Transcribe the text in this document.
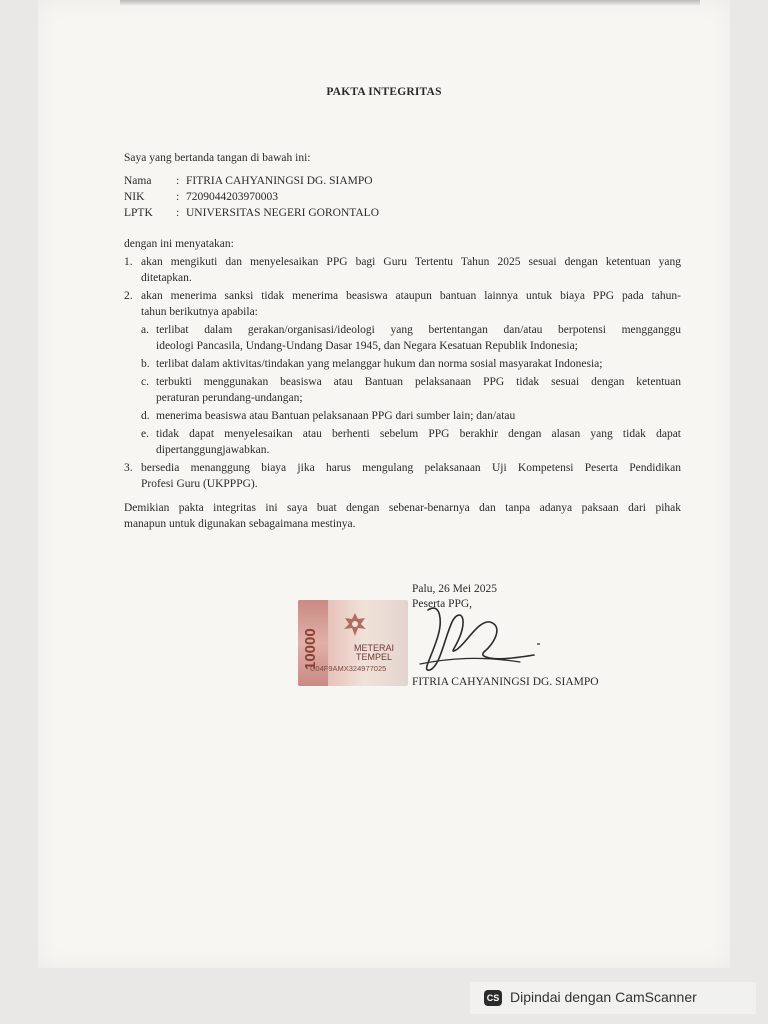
PAKTA INTEGRITAS
Saya yang bertanda tangan di bawah ini:
Nama : FITRIA CAHYANINGSI DG. SIAMPO
NIK	: 7209044203970003
LPTK : UNIVERSITAS NEGERI GORONTALO
dengan ini menyatakan:
1. akan mengikuti dan menyelesaikan PPG bagi Guru Tertentu Tahun 2025 sesuai dengan ketentuan yang
ditetapkan.
2. akan menerima sanksi tidak menerima beasiswa ataupun bantuan lainnya untuk biaya PPG pada tahun-
tahun berikutnya apabila:
a. terlibat dalam gerakan/organisasi/ideologi yang bertentangan dan/atau berpotensi mengganggu
ideologi Pancasila, Undang-Undang Dasar 1945, dan Negara Kesatuan Republik Indonesia;
b. terlibat dalam aktivitas/tindakan yang melanggar hukum dan norma sosial masyarakat Indonesia;
c. terbukti menggunakan beasiswa atau Bantuan pelaksanaan PPG tidak sesuai dengan ketentuan
peraturan perundang-undangan;
d. menerima beasiswa atau Bantuan pelaksanaan PPG dari sumber lain; dan/atau
e. tidak dapat menyelesaikan atau berhenti sebelum PPG berakhir dengan alasan yang tidak dapat
dipertanggungjawabkan.
3. bersedia menanggung biaya jika harus mengulang pelaksanaan Uji Kompetensi Peserta Pendidikan
Profesi Guru (UKPPPG).
Demikian pakta integritas ini saya buat dengan sebenar-benarnya dan tanpa adanya paksaan dari pihak
manapun untuk digunakan sebagaimana mestinya.
Palu, 26 Mei 2025
Peserta PPG,
10000	METERAI
TEMPEL
C04F9AMX324977025
FITRIA CAHYANINGSI DG. SIAMPO
CS Dipindai dengan CamScanner
